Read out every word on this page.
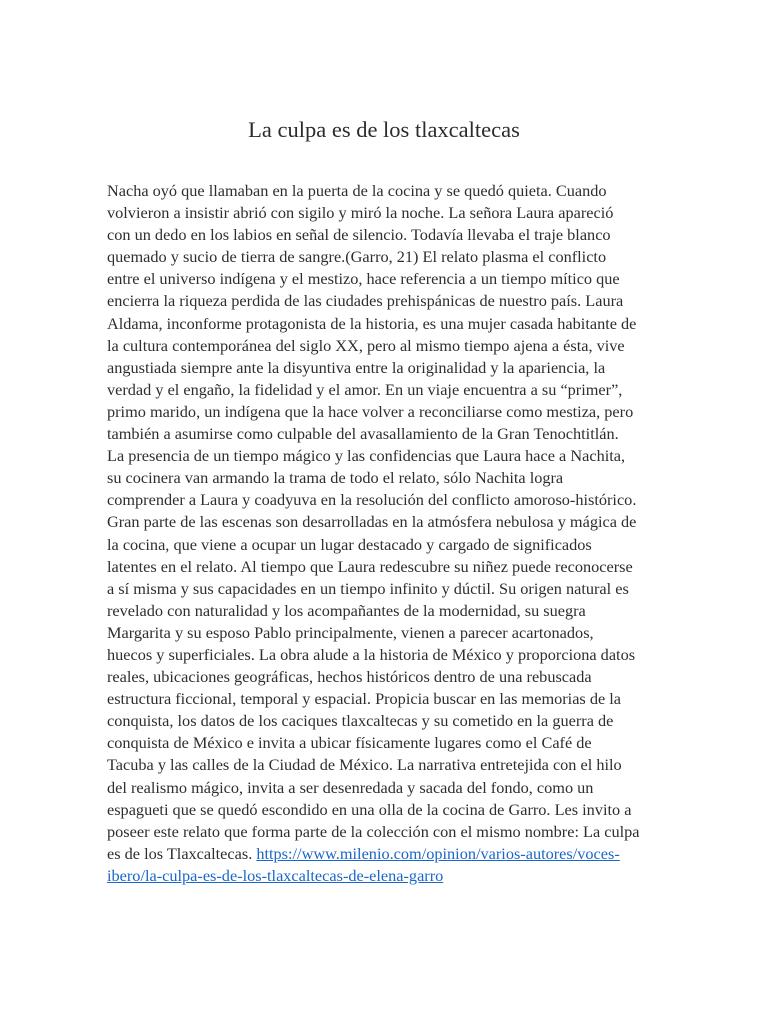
La culpa es de los tlaxcaltecas
Nacha oyó que llamaban en la puerta de la cocina y se quedó quieta. Cuando
volvieron a insistir abrió con sigilo y miró la noche. La señora Laura apareció
con un dedo en los labios en señal de silencio. Todavía llevaba el traje blanco
quemado y sucio de tierra de sangre.(Garro, 21) El relato plasma el conflicto
entre el universo indígena y el mestizo, hace referencia a un tiempo mítico que
encierra la riqueza perdida de las ciudades prehispánicas de nuestro país. Laura
Aldama, inconforme protagonista de la historia, es una mujer casada habitante de
la cultura contemporánea del siglo XX, pero al mismo tiempo ajena a ésta, vive
angustiada siempre ante la disyuntiva entre la originalidad y la apariencia, la
verdad y el engaño, la fidelidad y el amor. En un viaje encuentra a su “primer”,
primo marido, un indígena que la hace volver a reconciliarse como mestiza, pero
también a asumirse como culpable del avasallamiento de la Gran Tenochtitlán.
La presencia de un tiempo mágico y las confidencias que Laura hace a Nachita,
su cocinera van armando la trama de todo el relato, sólo Nachita logra
comprender a Laura y coadyuva en la resolución del conflicto amoroso-histórico.
Gran parte de las escenas son desarrolladas en la atmósfera nebulosa y mágica de
la cocina, que viene a ocupar un lugar destacado y cargado de significados
latentes en el relato. Al tiempo que Laura redescubre su niñez puede reconocerse
a sí misma y sus capacidades en un tiempo infinito y dúctil. Su origen natural es
revelado con naturalidad y los acompañantes de la modernidad, su suegra
Margarita y su esposo Pablo principalmente, vienen a parecer acartonados,
huecos y superficiales. La obra alude a la historia de México y proporciona datos
reales, ubicaciones geográficas, hechos históricos dentro de una rebuscada
estructura ficcional, temporal y espacial. Propicia buscar en las memorias de la
conquista, los datos de los caciques tlaxcaltecas y su cometido en la guerra de
conquista de México e invita a ubicar físicamente lugares como el Café de
Tacuba y las calles de la Ciudad de México. La narrativa entretejida con el hilo
del realismo mágico, invita a ser desenredada y sacada del fondo, como un
espagueti que se quedó escondido en una olla de la cocina de Garro. Les invito a
poseer este relato que forma parte de la colección con el mismo nombre: La culpa
es de los Tlaxcaltecas. https://www.milenio.com/opinion/varios-autores/voces-
ibero/la-culpa-es-de-los-tlaxcaltecas-de-elena-garro
